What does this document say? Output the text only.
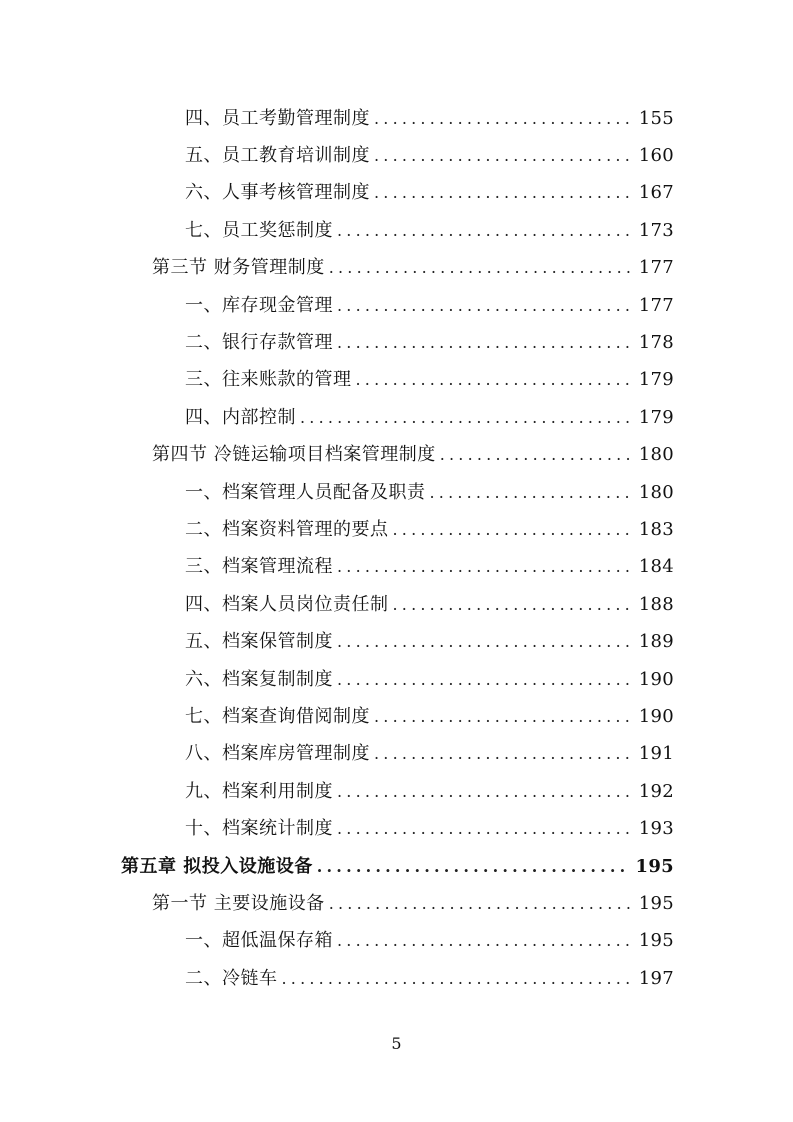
四、员工考勤管理制度 .....	155
五、员工教育培训制度 .....	160
六、人事考核管理制度 .....	167
七、员工奖惩制度 .....	173
第三节 财务管理制度 .....	177
一、库存现金管理 .....	177
二、银行存款管理 .....	178
三、往来账款的管理 .....	179
四、内部控制 .....	179
第四节 冷链运输项目档案管理制度 .....	180
一、档案管理人员配备及职责 .....	180
二、档案资料管理的要点 .....	183
三、档案管理流程 .....	184
四、档案人员岗位责任制 .....	188
五、档案保管制度 .....	189
六、档案复制制度 .....	190
七、档案查询借阅制度 .....	190
八、档案库房管理制度 .....	191
九、档案利用制度 .....	192
十、档案统计制度 .....	193
第五章 拟投入设施设备 .....	195
第一节 主要设施设备 .....	195
一、超低温保存箱 .....	195
二、冷链车 .....	197
5
